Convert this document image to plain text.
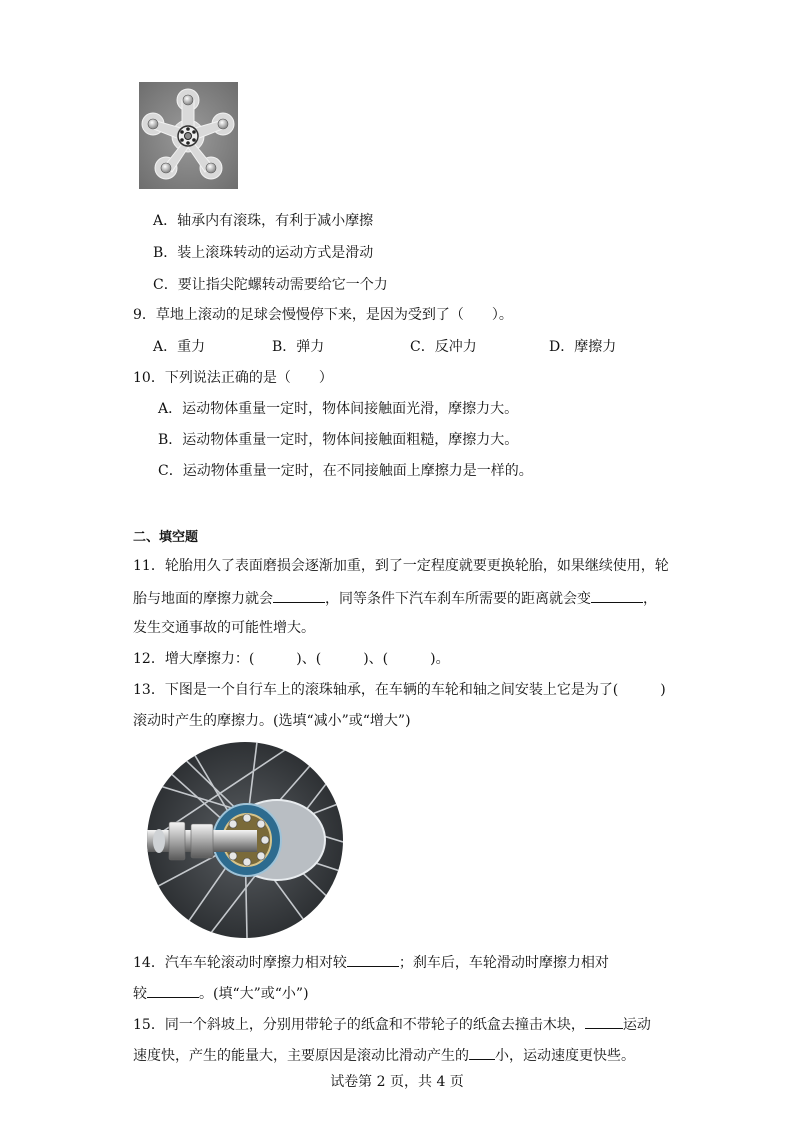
A．轴承内有滚珠，有利于减小摩擦
B．装上滚珠转动的运动方式是滑动
C．要让指尖陀螺转动需要给它一个力
9．草地上滚动的足球会慢慢停下来，是因为受到了（　　）。
A．重力	B．弹力	C．反冲力	D．摩擦力
10．下列说法正确的是（　　）
A．运动物体重量一定时，物体间接触面光滑，摩擦力大。
B．运动物体重量一定时，物体间接触面粗糙，摩擦力大。
C．运动物体重量一定时，在不同接触面上摩擦力是一样的。
二、填空题
11．轮胎用久了表面磨损会逐渐加重，到了一定程度就要更换轮胎，如果继续使用，轮
胎与地面的摩擦力就会	，同等条件下汽车刹车所需要的距离就会变	，
发生交通事故的可能性增大。
12．增大摩擦力：(　　　)、(　　　)、(　　　)。
13．下图是一个自行车上的滚珠轴承，在车辆的车轮和轴之间安装上它是为了(　　　)
滚动时产生的摩擦力。(选填“减小”或“增大”)
14．汽车车轮滚动时摩擦力相对较	；刹车后，车轮滑动时摩擦力相对
较	。(填“大”或“小”)
15．同一个斜坡上，分别用带轮子的纸盒和不带轮子的纸盒去撞击木块，	运动
速度快，产生的能量大，主要原因是滚动比滑动产生的 小，运动速度更快些。
试卷第 2 页，共 4 页
